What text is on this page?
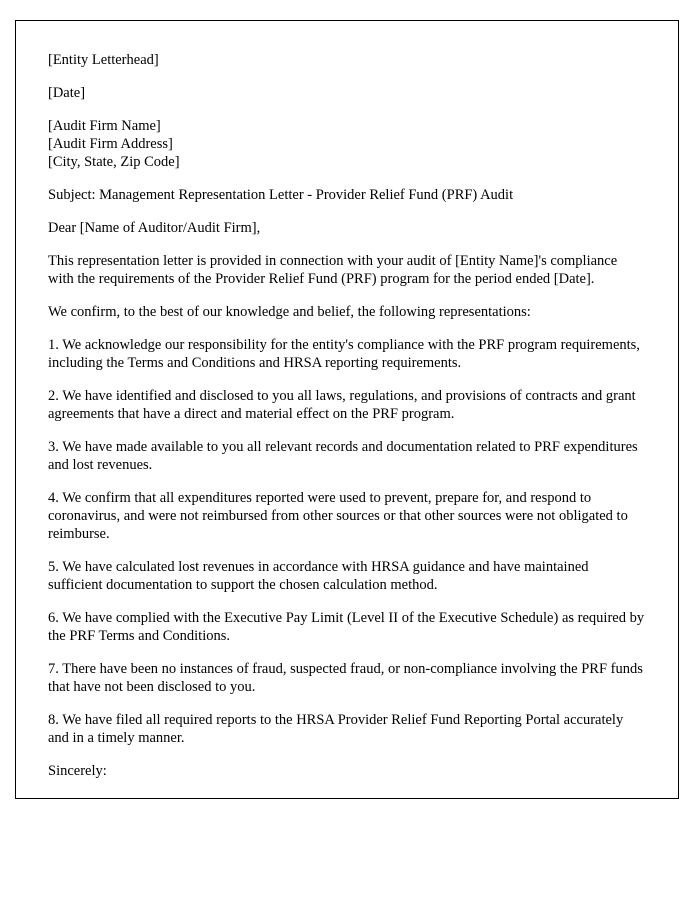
[Entity Letterhead]

[Date]

[Audit Firm Name]
[Audit Firm Address]
[City, State, Zip Code]

Subject: Management Representation Letter - Provider Relief Fund (PRF) Audit

Dear [Name of Auditor/Audit Firm],

This representation letter is provided in connection with your audit of [Entity Name]'s compliance with the requirements of the Provider Relief Fund (PRF) program for the period ended [Date].

We confirm, to the best of our knowledge and belief, the following representations:

1. We acknowledge our responsibility for the entity's compliance with the PRF program requirements, including the Terms and Conditions and HRSA reporting requirements.

2. We have identified and disclosed to you all laws, regulations, and provisions of contracts and grant agreements that have a direct and material effect on the PRF program.

3. We have made available to you all relevant records and documentation related to PRF expenditures and lost revenues.

4. We confirm that all expenditures reported were used to prevent, prepare for, and respond to coronavirus, and were not reimbursed from other sources or that other sources were not obligated to reimburse.

5. We have calculated lost revenues in accordance with HRSA guidance and have maintained sufficient documentation to support the chosen calculation method.

6. We have complied with the Executive Pay Limit (Level II of the Executive Schedule) as required by the PRF Terms and Conditions.

7. There have been no instances of fraud, suspected fraud, or non-compliance involving the PRF funds that have not been disclosed to you.

8. We have filed all required reports to the HRSA Provider Relief Fund Reporting Portal accurately and in a timely manner.

Sincerely:
